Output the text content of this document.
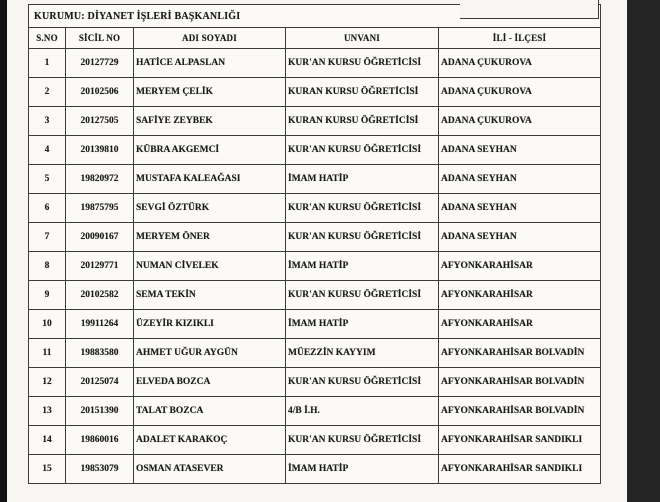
KURUMU: DİYANET İŞLERİ BAŞKANLIĞI				
S.NO	SİCİL NO	ADI SOYADI	UNVANI	İLİ - İLÇESİ
1	20127729	HATİCE ALPASLAN	KUR'AN KURSU ÖĞRETİCİSİ	ADANA ÇUKUROVA
2	20102506	MERYEM ÇELİK	KURAN KURSU ÖĞRETİCİSİ	ADANA ÇUKUROVA
3	20127505	SAFİYE ZEYBEK	KURAN KURSU ÖĞRETİCİSİ	ADANA ÇUKUROVA
4	20139810	KÜBRA AKGEMCİ	KUR'AN KURSU ÖĞRETİCİSİ	ADANA SEYHAN
5	19820972	MUSTAFA KALEAĞASI	İMAM HATİP	ADANA SEYHAN
6	19875795	SEVGİ ÖZTÜRK	KUR'AN KURSU ÖĞRETİCİSİ	ADANA SEYHAN
7	20090167	MERYEM ÖNER	KUR'AN KURSU ÖĞRETİCİSİ	ADANA SEYHAN
8	20129771	NUMAN CİVELEK	İMAM HATİP	AFYONKARAHİSAR
9	20102582	SEMA TEKİN	KUR'AN KURSU ÖĞRETİCİSİ	AFYONKARAHİSAR
10	19911264	ÜZEYİR KIZIKLI	İMAM HATİP	AFYONKARAHİSAR
11	19883580	AHMET UĞUR AYGÜN	MÜEZZİN KAYYIM	AFYONKARAHİSAR BOLVADİN
12	20125074	ELVEDA BOZCA	KUR'AN KURSU ÖĞRETİCİSİ	AFYONKARAHİSAR BOLVADİN
13	20151390	TALAT BOZCA	4/B İ.H.	AFYONKARAHİSAR BOLVADİN
14	19860016	ADALET KARAKOÇ	KUR'AN KURSU ÖĞRETİCİSİ	AFYONKARAHİSAR SANDIKLI
15	19853079	OSMAN ATASEVER	İMAM HATİP	AFYONKARAHİSAR SANDIKLI
